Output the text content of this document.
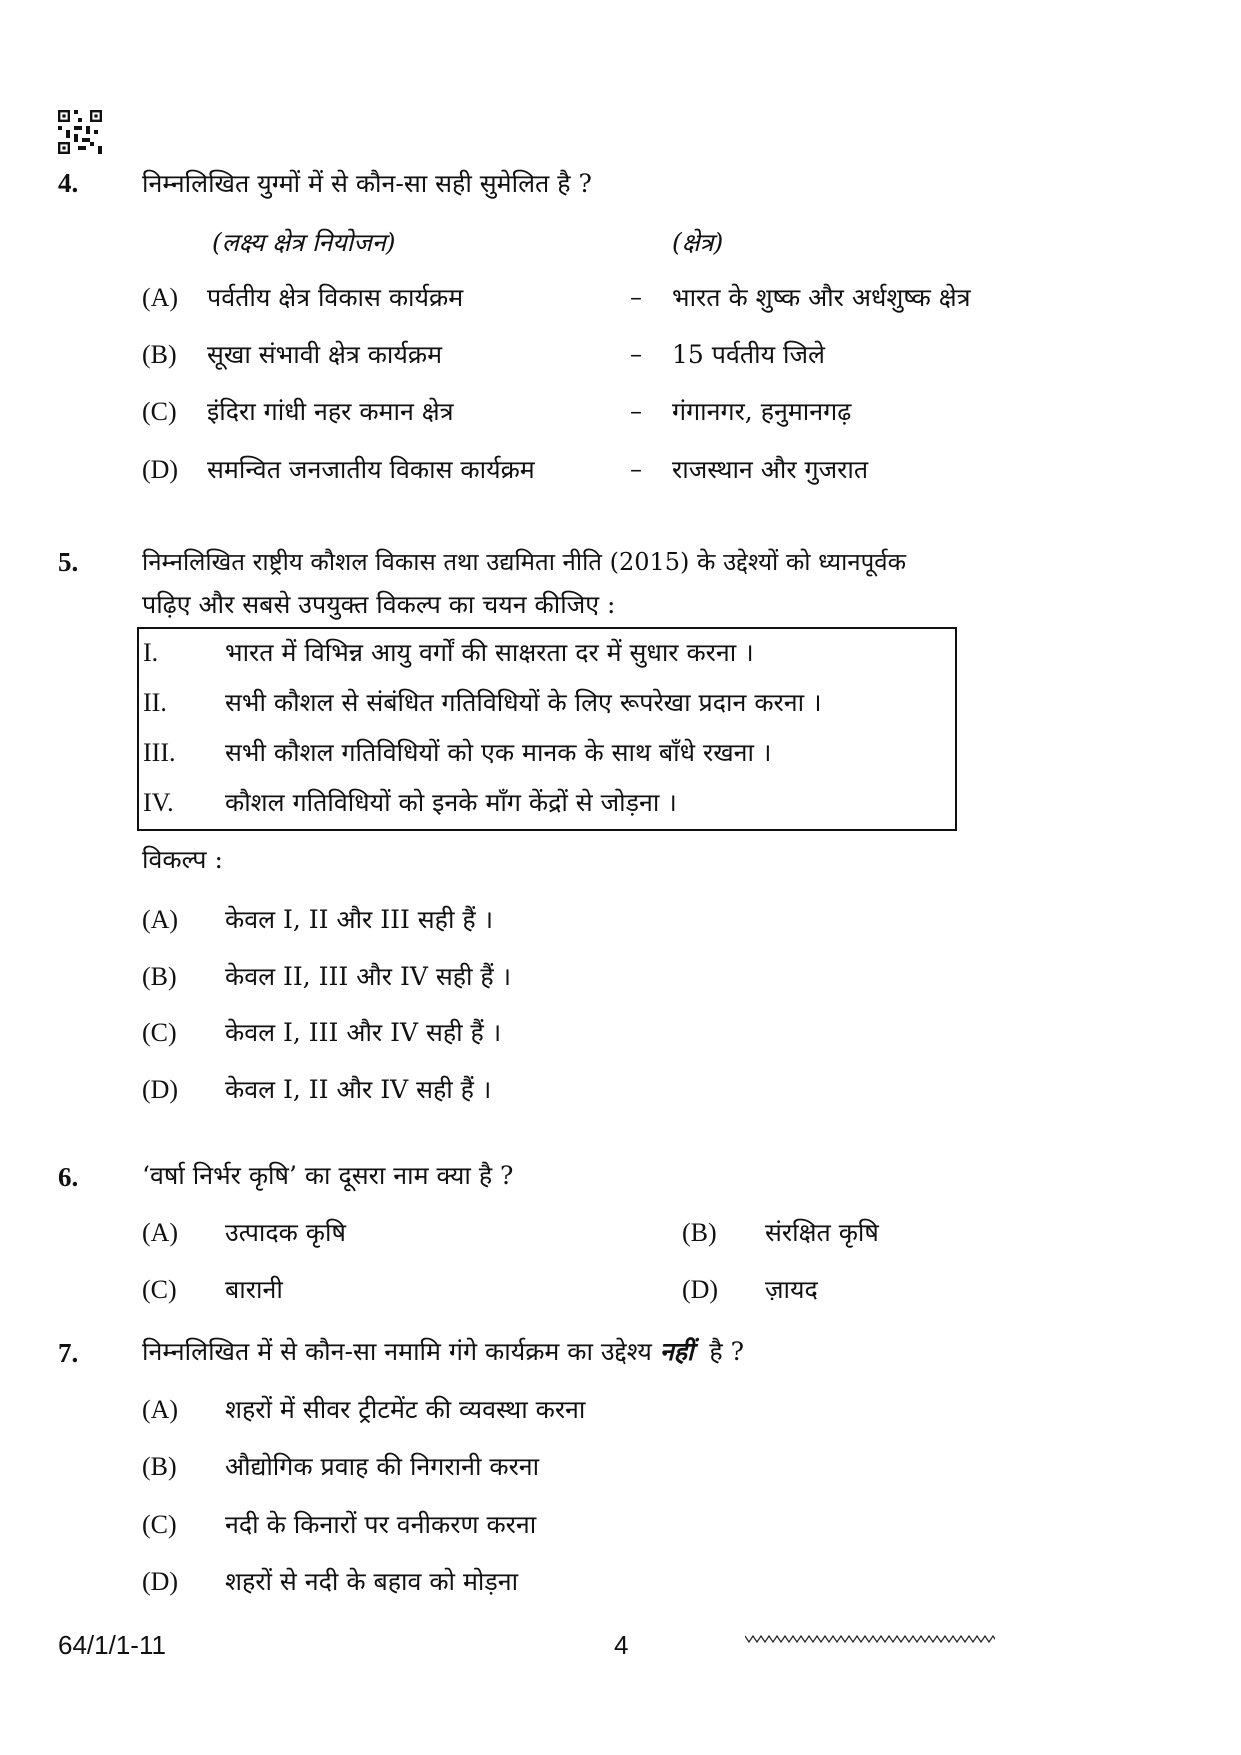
4.	निम्नलिखित युग्मों में से कौन-सा सही सुमेलित है ?
(लक्ष्य क्षेत्र नियोजन)	(क्षेत्र)
(A) पर्वतीय क्षेत्र विकास कार्यक्रम	– भारत के शुष्क और अर्धशुष्क क्षेत्र
(B) सूखा संभावी क्षेत्र कार्यक्रम	– 15 पर्वतीय जिले
(C) इंदिरा गांधी नहर कमान क्षेत्र	– गंगानगर, हनुमानगढ़
(D) समन्वित जनजातीय विकास कार्यक्रम	– राजस्थान और गुजरात
5.	निम्नलिखित राष्ट्रीय कौशल विकास तथा उद्यमिता नीति (2015) के उद्देश्यों को ध्यानपूर्वक
पढ़िए और सबसे उपयुक्त विकल्प का चयन कीजिए :
I.	भारत में विभिन्न आयु वर्गों की साक्षरता दर में सुधार करना ।
II. सभी कौशल से संबंधित गतिविधियों के लिए रूपरेखा प्रदान करना ।
III. सभी कौशल गतिविधियों को एक मानक के साथ बाँधे रखना ।
IV. कौशल गतिविधियों को इनके माँग केंद्रों से जोड़ना ।
विकल्प :
(A) केवल I, II और III सही हैं ।
(B) केवल II, III और IV सही हैं ।
(C) केवल I, III और IV सही हैं ।
(D) केवल I, II और IV सही हैं ।
6.	‘वर्षा निर्भर कृषि’ का दूसरा नाम क्या है ?
(A) उत्पादक कृषि	(B) संरक्षित कृषि
(C) बारानी	(D) ज़ायद
7.	निम्नलिखित में से कौन-सा नमामि गंगे कार्यक्रम का उद्देश्य नहीं है ?
(A) शहरों में सीवर ट्रीटमेंट की व्यवस्था करना
(B) औद्योगिक प्रवाह की निगरानी करना
(C) नदी के किनारों पर वनीकरण करना
(D) शहरों से नदी के बहाव को मोड़ना
64/1/1-11	4
